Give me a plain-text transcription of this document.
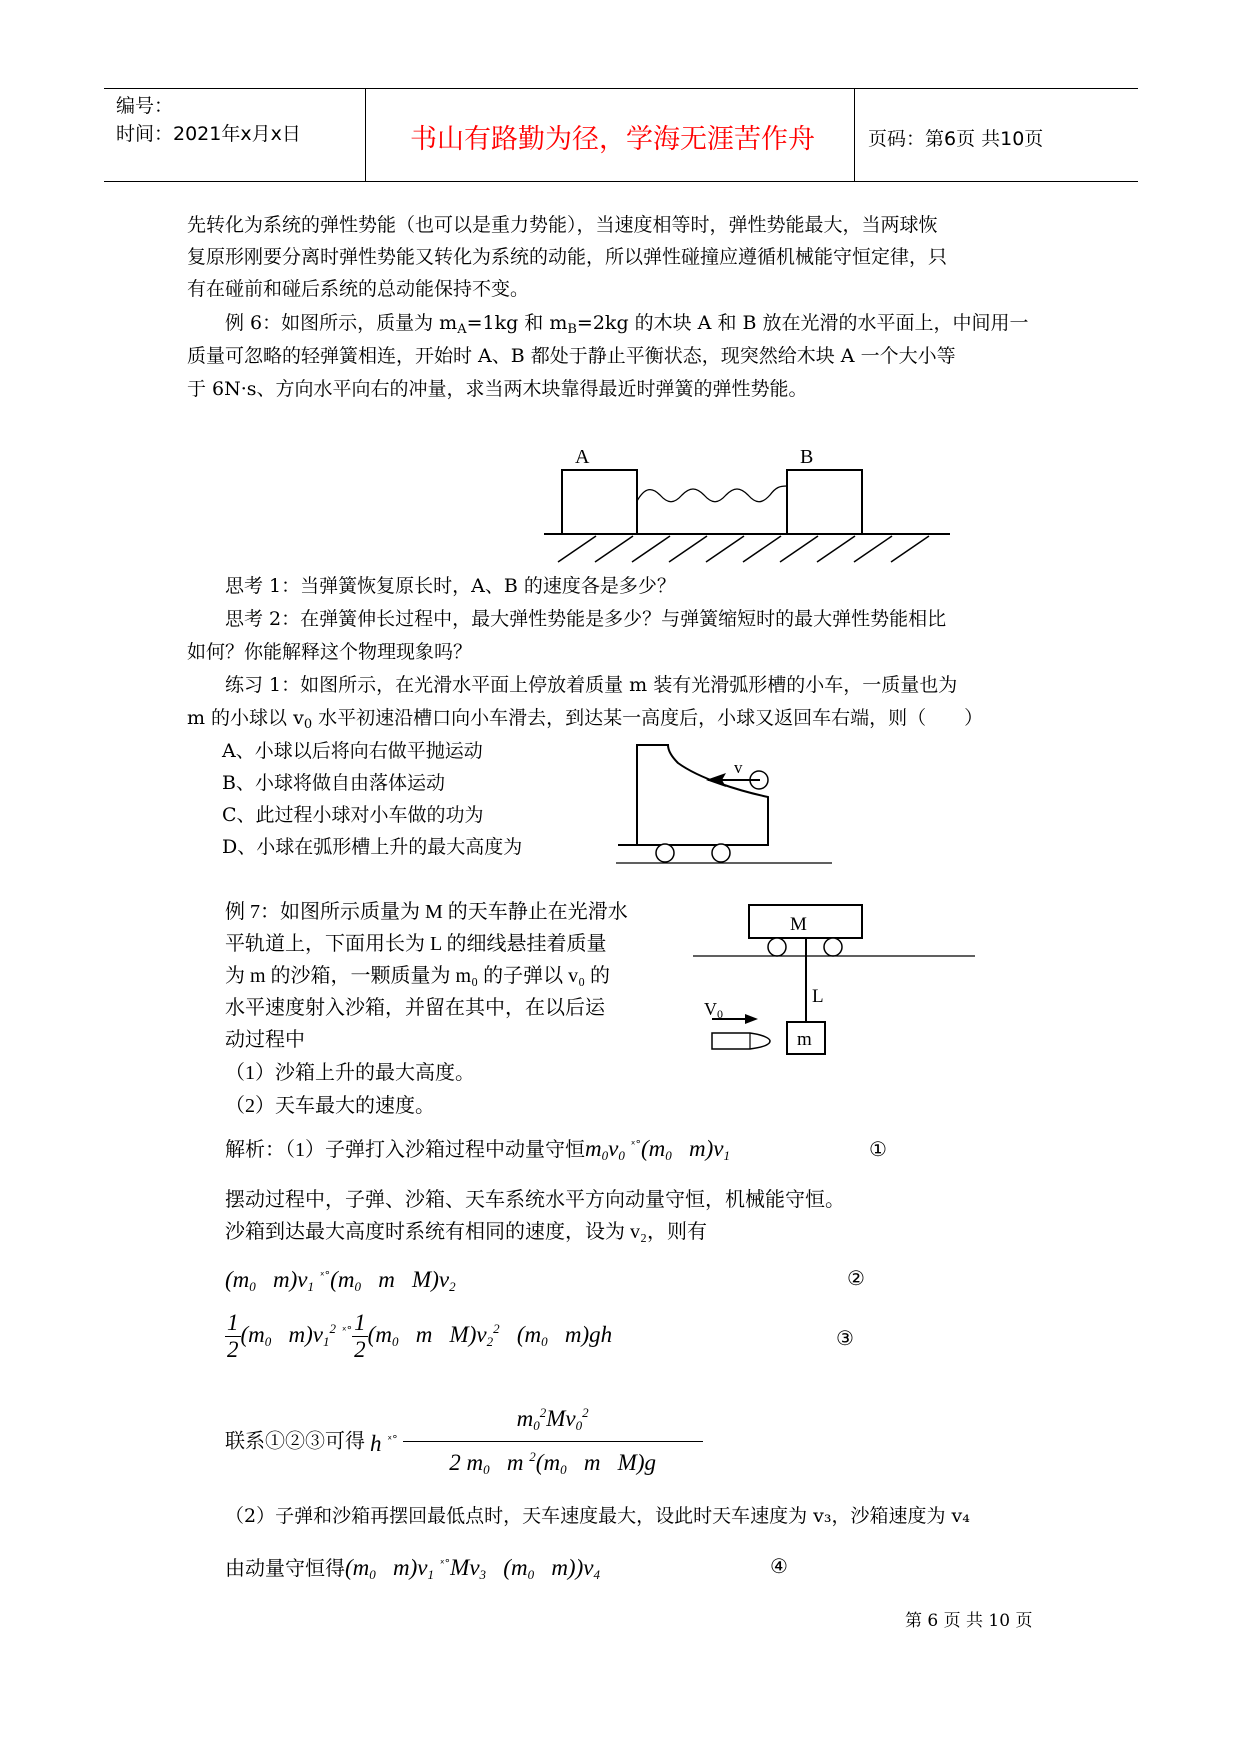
编号：
时间：2021年x月x日	书山有路勤为径，学海无涯苦作舟	页码：第6页 共10页
先转化为系统的弹性势能（也可以是重力势能），当速度相等时，弹性势能最大，当两球恢
复原形刚要分离时弹性势能又转化为系统的动能，所以弹性碰撞应遵循机械能守恒定律，只
有在碰前和碰后系统的总动能保持不变。
例 6：如图所示，质量为 $m_A=1kg$ 和 $m_B=2kg$ 的木块 A 和 B 放在光滑的水平面上，中间用一
质量可忽略的轻弹簧相连，开始时 A、B 都处于静止平衡状态，现突然给木块 A 一个大小等
于 6N·s、方向水平向右的冲量，求当两木块靠得最近时弹簧的弹性势能。
A	B
思考 1：当弹簧恢复原长时，A、B 的速度各是多少？
思考 2：在弹簧伸长过程中，最大弹性势能是多少？与弹簧缩短时的最大弹性势能相比
如何？你能解释这个物理现象吗？
练习 1：如图所示，在光滑水平面上停放着质量 m 装有光滑弧形槽的小车，一质量也为
m 的小球以 $v_0$ 水平初速沿槽口向小车滑去，到达某一高度后，小球又返回车右端，则（　　）
A、小球以后将向右做平抛运动
B、小球将做自由落体运动
C、此过程小球对小车做的功为
D、小球在弧形槽上升的最大高度为
v
例 7：如图所示质量为 M 的天车静止在光滑水
平轨道上，下面用长为 L 的细线悬挂着质量
为 m 的沙箱，一颗质量为 m₀ 的子弹以 v₀ 的
水平速度射入沙箱，并留在其中，在以后运
动过程中
（1）沙箱上升的最大高度。
（2）天车最大的速度。
M
L
m
V0
解析：（1）子弹打入沙箱过程中动量守恒$m_0v_0$ $^{ˣ^\circ}(m_0$   $m)v_1$	①
摆动过程中，子弹、沙箱、天车系统水平方向动量守恒，机械能守恒。
沙箱到达最大高度时系统有相同的速度，设为 v₂，则有
($m_0$   $m)v_1$ $^{ˣ^\circ}(m_0$   m   $M)v_2$	②
$\frac{1}{2} (m_0$   $m)v_1^2$ $^{ˣ^\circ} \frac{1}{2} (m_0$   m   $M)v_2^2$   ($m_0$   m)gh	③
联系①②③可得 h $^{ˣ^\circ} \frac{m_0^2Mv_0^2}{2 m_0 m ^2(m_0 m M)g}$
（2）子弹和沙箱再摆回最低点时，天车速度最大，设此时天车速度为 v₃，沙箱速度为 v₄
由动量守恒得($m_0$   $m)v_1$ $^{ˣ^\circ}Mv_3$   ($m_0$   $m))v_4$	④
第 6 页 共 10 页
